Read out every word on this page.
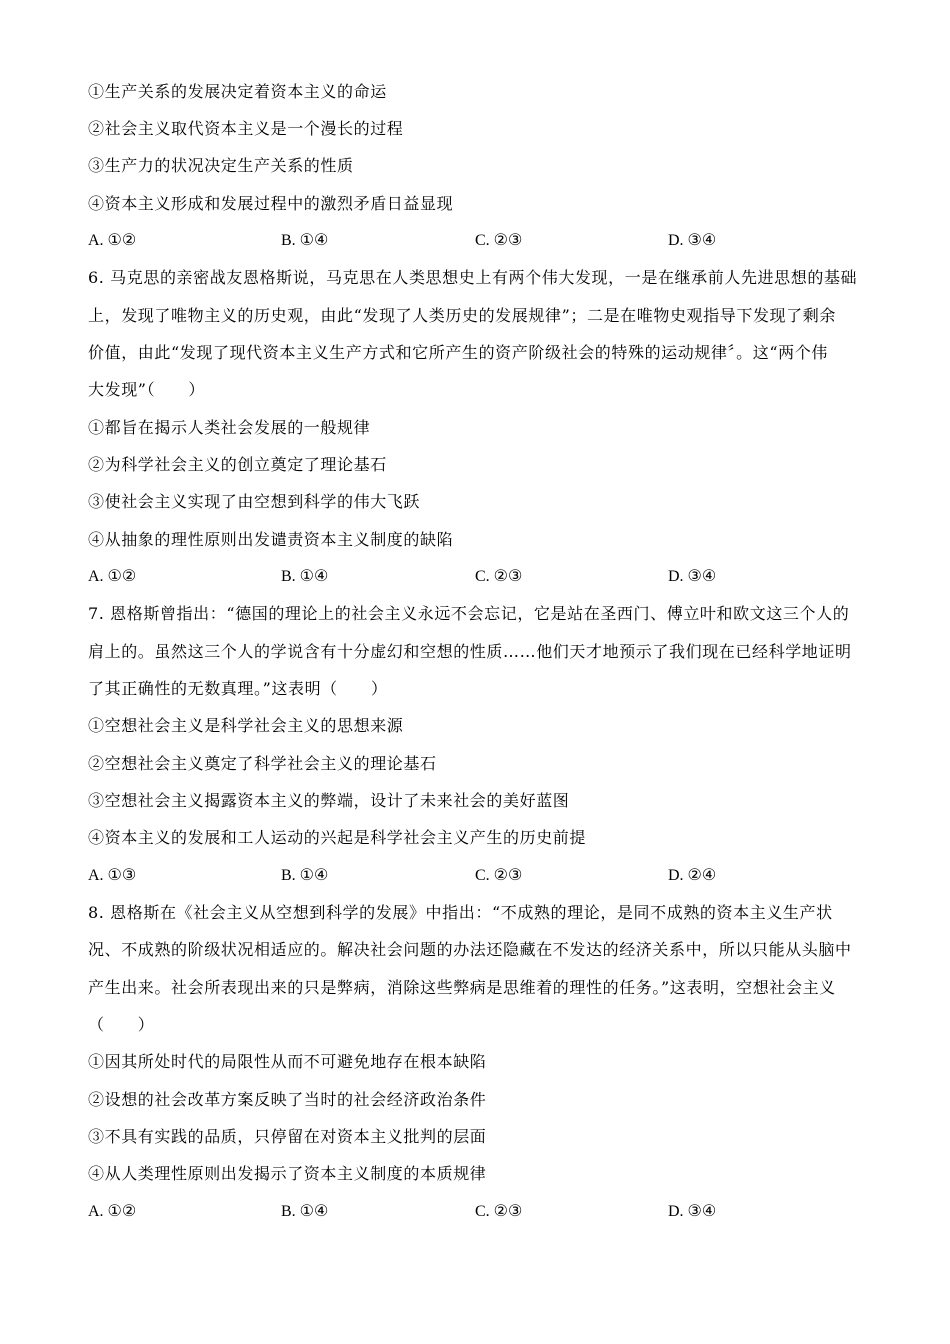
①生产关系的发展决定着资本主义的命运
②社会主义取代资本主义是一个漫长的过程
③生产力的状况决定生产关系的性质
④资本主义形成和发展过程中的激烈矛盾日益显现
A. ①②	B. ①④	C. ②③	D. ③④
6. 马克思的亲密战友恩格斯说，马克思在人类思想史上有两个伟大发现，一是在继承前人先进思想的基础
上，发现了唯物主义的历史观，由此“发现了人类历史的发展规律”；二是在唯物史观指导下发现了剩余
价值，由此“发现了现代资本主义生产方式和它所产生的资产阶级社会的特殊的运动规律〞。这“两个伟
大发现”（　　）
①都旨在揭示人类社会发展的一般规律
②为科学社会主义的创立奠定了理论基石
③使社会主义实现了由空想到科学的伟大飞跃
④从抽象的理性原则出发谴责资本主义制度的缺陷
A. ①②	B. ①④	C. ②③	D. ③④
7. 恩格斯曾指出：“德国的理论上的社会主义永远不会忘记，它是站在圣西门、傅立叶和欧文这三个人的
肩上的。虽然这三个人的学说含有十分虚幻和空想的性质……他们天才地预示了我们现在已经科学地证明
了其正确性的无数真理。”这表明（　　）
①空想社会主义是科学社会主义的思想来源
②空想社会主义奠定了科学社会主义的理论基石
③空想社会主义揭露资本主义的弊端，设计了未来社会的美好蓝图
④资本主义的发展和工人运动的兴起是科学社会主义产生的历史前提
A. ①③	B. ①④	C. ②③	D. ②④
8. 恩格斯在《社会主义从空想到科学的发展》中指出：“不成熟的理论，是同不成熟的资本主义生产状
况、不成熟的阶级状况相适应的。解决社会问题的办法还隐藏在不发达的经济关系中，所以只能从头脑中
产生出来。社会所表现出来的只是弊病，消除这些弊病是思维着的理性的任务。”这表明，空想社会主义
（　　）
①因其所处时代的局限性从而不可避免地存在根本缺陷
②设想的社会改革方案反映了当时的社会经济政治条件
③不具有实践的品质，只停留在对资本主义批判的层面
④从人类理性原则出发揭示了资本主义制度的本质规律
A. ①②	B. ①④	C. ②③	D. ③④
